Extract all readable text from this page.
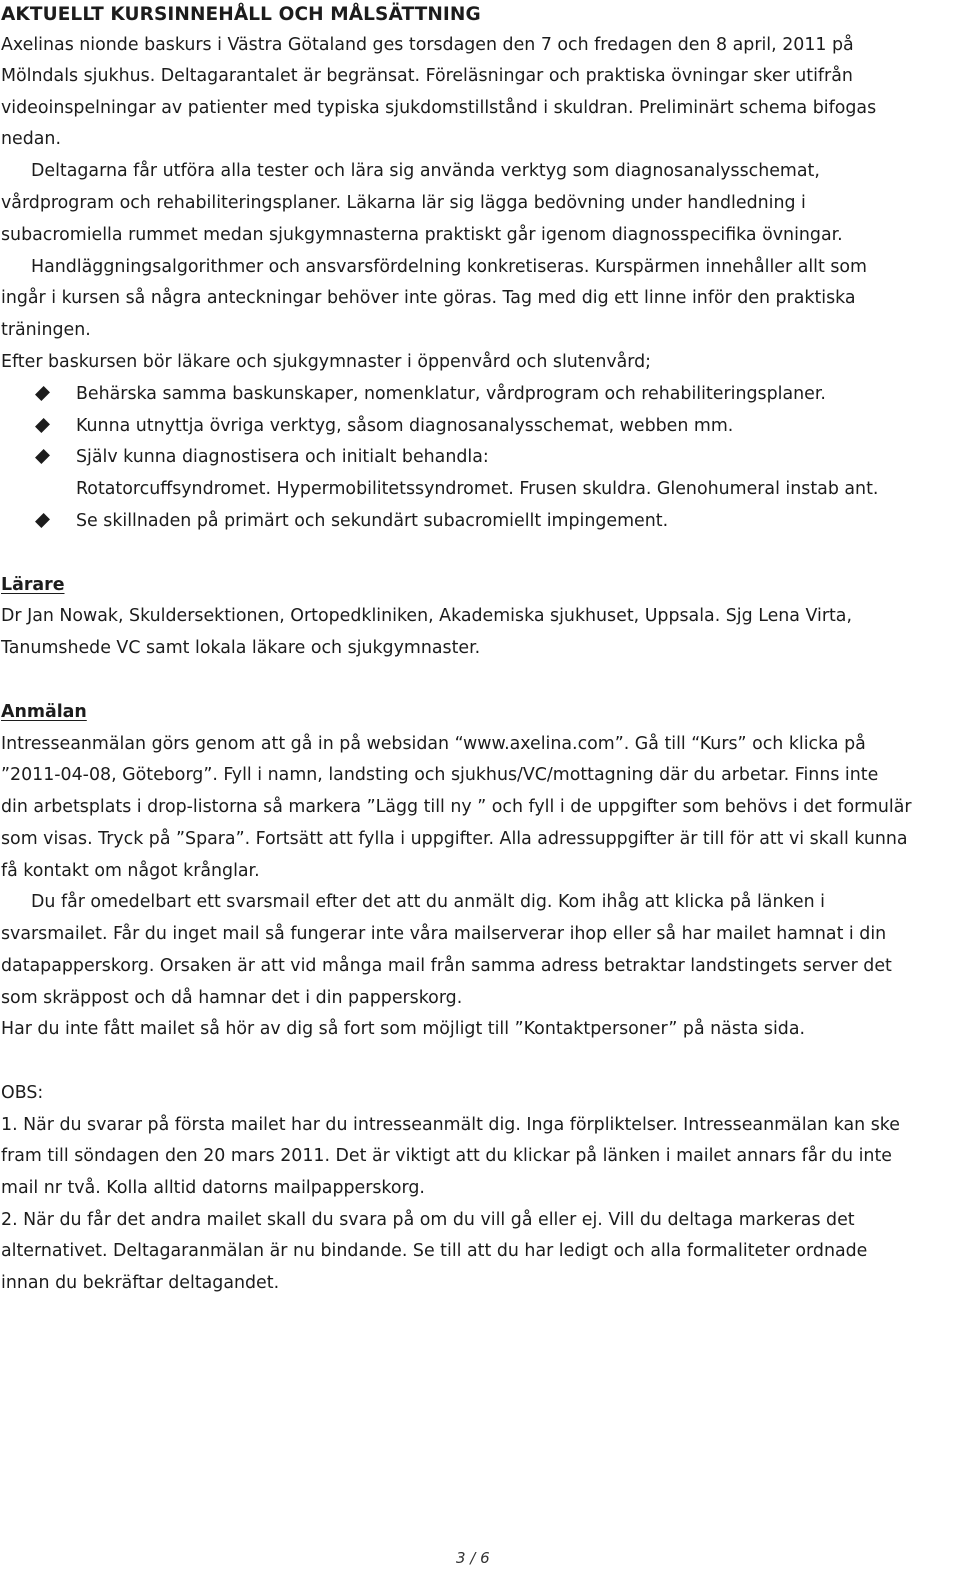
AKTUELLT KURSINNEHÅLL OCH MÅLSÄTTNING
Axelinas nionde baskurs i Västra Götaland ges torsdagen den 7 och fredagen den 8 april, 2011 på
Mölndals sjukhus. Deltagarantalet är begränsat. Föreläsningar och praktiska övningar sker utifrån
videoinspelningar av patienter med typiska sjukdomstillstånd i skuldran. Preliminärt schema bifogas
nedan.
Deltagarna får utföra alla tester och lära sig använda verktyg som diagnosanalysschemat,
vårdprogram och rehabiliteringsplaner. Läkarna lär sig lägga bedövning under handledning i
subacromiella rummet medan sjukgymnasterna praktiskt går igenom diagnosspecifika övningar.
Handläggningsalgorithmer och ansvarsfördelning konkretiseras. Kurspärmen innehåller allt som
ingår i kursen så några anteckningar behöver inte göras. Tag med dig ett linne inför den praktiska
träningen.
Efter baskursen bör läkare och sjukgymnaster i öppenvård och slutenvård;
Behärska samma baskunskaper, nomenklatur, vårdprogram och rehabiliteringsplaner.
Kunna utnyttja övriga verktyg, såsom diagnosanalysschemat, webben mm.
Själv kunna diagnostisera och initialt behandla:
Rotatorcuffsyndromet. Hypermobilitetssyndromet. Frusen skuldra. Glenohumeral instab ant.
Se skillnaden på primärt och sekundärt subacromiellt impingement.
Lärare
Dr Jan Nowak, Skuldersektionen, Ortopedkliniken, Akademiska sjukhuset, Uppsala. Sjg Lena Virta,
Tanumshede VC samt lokala läkare och sjukgymnaster.
Anmälan
Intresseanmälan görs genom att gå in på websidan “www.axelina.com”. Gå till “Kurs” och klicka på
”2011-04-08, Göteborg”. Fyll i namn, landsting och sjukhus/VC/mottagning där du arbetar. Finns inte
din arbetsplats i drop-listorna så markera ”Lägg till ny ” och fyll i de uppgifter som behövs i det formulär
som visas. Tryck på ”Spara”. Fortsätt att fylla i uppgifter. Alla adressuppgifter är till för att vi skall kunna
få kontakt om något krånglar.
Du får omedelbart ett svarsmail efter det att du anmält dig. Kom ihåg att klicka på länken i
svarsmailet. Får du inget mail så fungerar inte våra mailserverar ihop eller så har mailet hamnat i din
datapapperskorg. Orsaken är att vid många mail från samma adress betraktar landstingets server det
som skräppost och då hamnar det i din papperskorg.
Har du inte fått mailet så hör av dig så fort som möjligt till ”Kontaktpersoner” på nästa sida.
OBS:
1. När du svarar på första mailet har du intresseanmält dig. Inga förpliktelser. Intresseanmälan kan ske
fram till söndagen den 20 mars 2011. Det är viktigt att du klickar på länken i mailet annars får du inte
mail nr två. Kolla alltid datorns mailpapperskorg.
2. När du får det andra mailet skall du svara på om du vill gå eller ej. Vill du deltaga markeras det
alternativet. Deltagaranmälan är nu bindande. Se till att du har ledigt och alla formaliteter ordnade
innan du bekräftar deltagandet.
3 / 6
